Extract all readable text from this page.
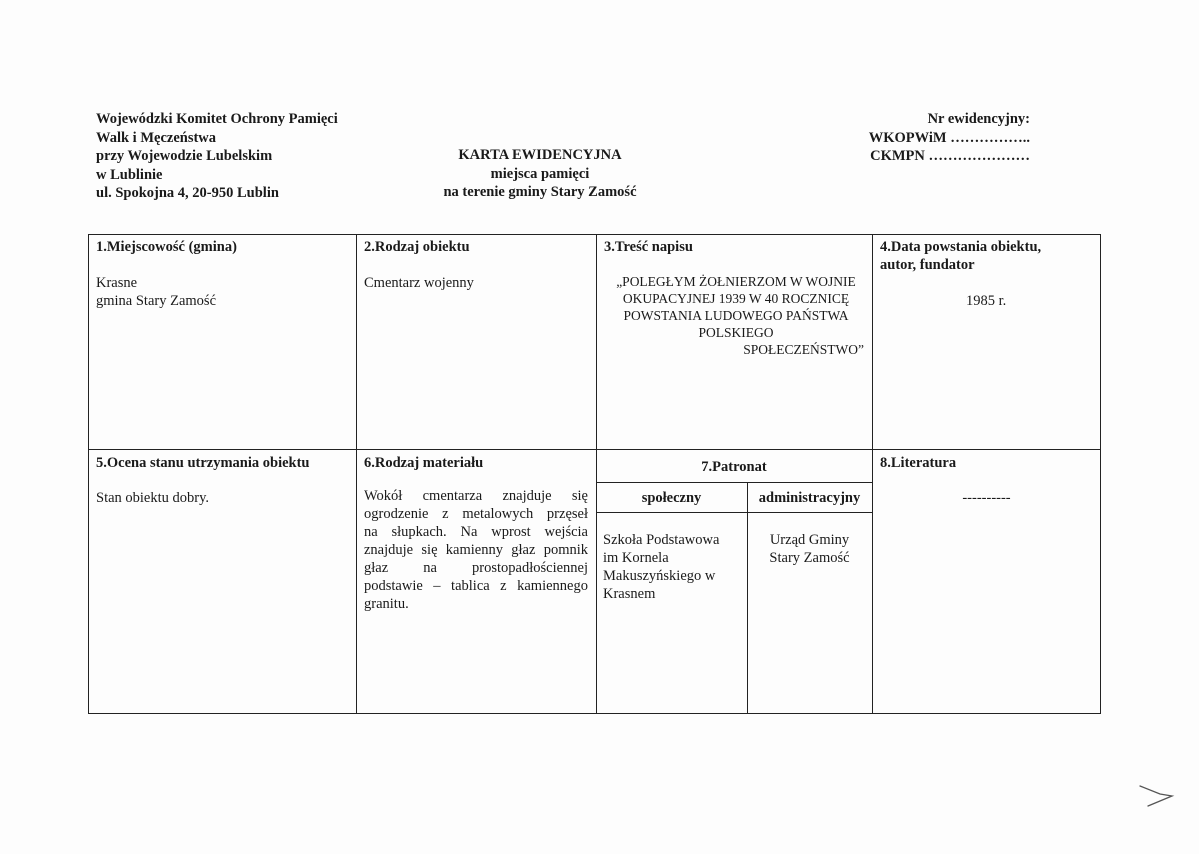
Wojewódzki Komitet Ochrony Pamięci
Walk i Męczeństwa
przy Wojewodzie Lubelskim
w Lublinie
ul. Spokojna 4, 20-950 Lublin
KARTA EWIDENCYJNA
miejsca pamięci
na terenie gminy Stary Zamość
Nr ewidencyjny:
WKOPWiM ……………..
CKMPN …………………
1.Miejscowość (gmina)
Krasne
gmina Stary Zamość
2.Rodzaj obiektu
Cmentarz wojenny
3.Treść napisu
„POLEGŁYM ŻOŁNIERZOM W WOJNIE
OKUPACYJNEJ 1939 W 40 ROCZNICĘ
POWSTANIA LUDOWEGO PAŃSTWA
POLSKIEGO
SPOŁECZEŃSTWO”
4.Data powstania obiektu,
autor, fundator
1985 r.
5.Ocena stanu utrzymania obiektu
Stan obiektu dobry.
6.Rodzaj materiału
Wokół cmentarza znajduje się
ogrodzenie z metalowych przęseł
na słupkach. Na wprost wejścia
znajduje się kamienny głaz pomnik
głaz na prostopadłościennej
podstawie – tablica z kamiennego
granitu.
7.Patronat
społeczny	administracyjny
Szkoła Podstawowa
im Kornela
Makuszyńskiego w
Krasnem
Urząd Gminy
Stary Zamość
8.Literatura
----------
